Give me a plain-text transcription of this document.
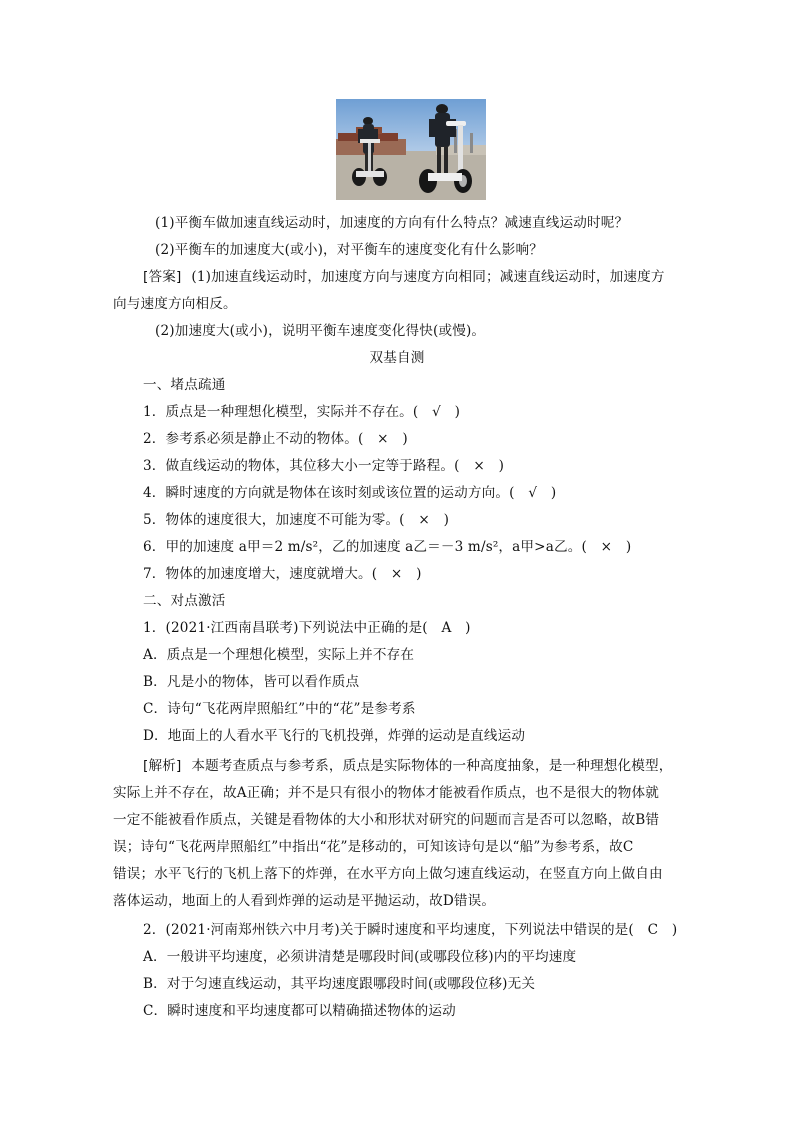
(1)平衡车做加速直线运动时，加速度的方向有什么特点？减速直线运动时呢？
(2)平衡车的加速度大(或小)，对平衡车的速度变化有什么影响？
[答案] (1)加速直线运动时，加速度方向与速度方向相同；减速直线运动时，加速度方
向与速度方向相反。
(2)加速度大(或小)，说明平衡车速度变化得快(或慢)。
双基自测
一、堵点疏通
1．质点是一种理想化模型，实际并不存在。(　√　)
2．参考系必须是静止不动的物体。(　×　)
3．做直线运动的物体，其位移大小一定等于路程。(　×　)
4．瞬时速度的方向就是物体在该时刻或该位置的运动方向。(　√　)
5．物体的速度很大，加速度不可能为零。(　×　)
6．甲的加速度 a甲＝2 m/s²，乙的加速度 a乙＝－3 m/s²，a甲>a乙。(　×　)
7．物体的加速度增大，速度就增大。(　×　)
二、对点激活
1．(2021·江西南昌联考)下列说法中正确的是(　A　)
A．质点是一个理想化模型，实际上并不存在
B．凡是小的物体，皆可以看作质点
C．诗句“飞花两岸照船红”中的“花”是参考系
D．地面上的人看水平飞行的飞机投弹，炸弹的运动是直线运动
[解析] 本题考查质点与参考系，质点是实际物体的一种高度抽象，是一种理想化模型，
实际上并不存在，故A正确；并不是只有很小的物体才能被看作质点，也不是很大的物体就
一定不能被看作质点，关键是看物体的大小和形状对研究的问题而言是否可以忽略，故B错
误；诗句“飞花两岸照船红”中指出“花”是移动的，可知该诗句是以“船”为参考系，故C
错误；水平飞行的飞机上落下的炸弹，在水平方向上做匀速直线运动，在竖直方向上做自由
落体运动，地面上的人看到炸弹的运动是平抛运动，故D错误。
2．(2021·河南郑州铁六中月考)关于瞬时速度和平均速度，下列说法中错误的是(　C　)
A．一般讲平均速度，必须讲清楚是哪段时间(或哪段位移)内的平均速度
B．对于匀速直线运动，其平均速度跟哪段时间(或哪段位移)无关
C．瞬时速度和平均速度都可以精确描述物体的运动
